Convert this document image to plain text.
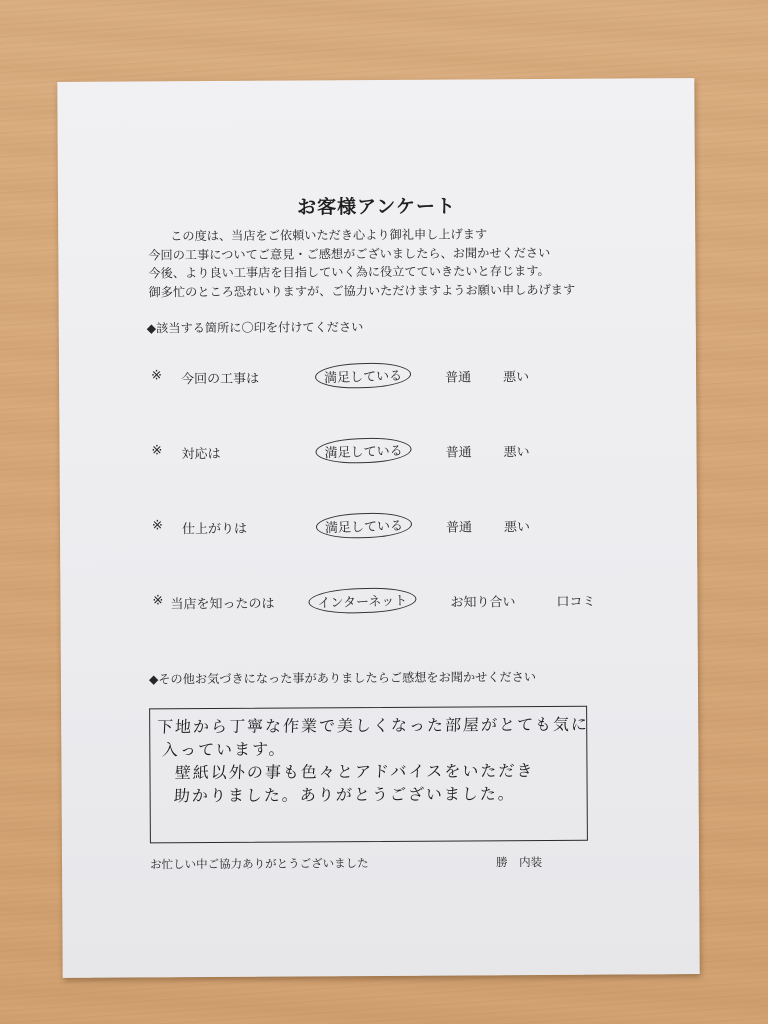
お客様アンケート
この度は、当店をご依頼いただき心より御礼申し上げます
今回の工事についてご意見・ご感想がございましたら、お聞かせください
今後、より良い工事店を目指していく為に役立てていきたいと存じます。
御多忙のところ恐れいりますが、ご協力いただけますようお願い申しあげます
◆該当する箇所に〇印を付けてください
※ 今回の工事は	満足している	普通 悪い
※ 対応は	満足している	普通 悪い
※ 仕上がりは	満足している	普通 悪い
※ 当店を知ったのは	インターネット	お知り合い	口コミ
◆その他お気づきになった事がありましたらご感想をお聞かせください
下地から丁寧な作業で美しくなった部屋がとても気に
入っています。
壁紙以外の事も色々とアドバイスをいただき
助かりました。ありがとうございました。
お忙しい中ご協力ありがとうございました	勝　内装
